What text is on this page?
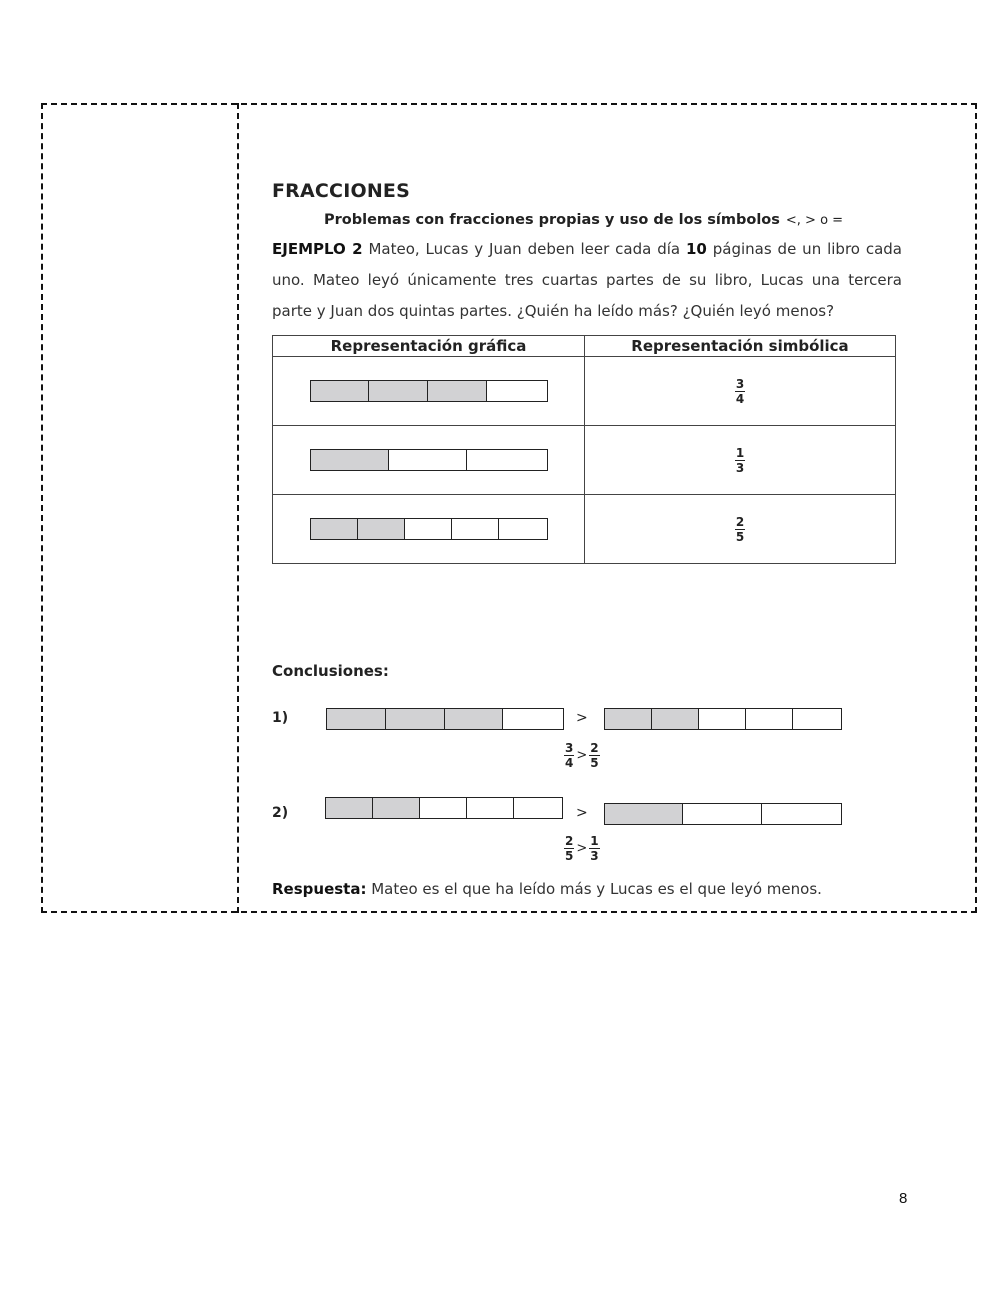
FRACCIONES
Problemas con fracciones propias y uso de los símbolos <, > o =

EJEMPLO 2 Mateo, Lucas y Juan deben leer cada día 10 páginas de un libro cada uno. Mateo leyó únicamente tres cuartas partes de su libro, Lucas una tercera parte y Juan dos quintas partes. ¿Quién ha leído más? ¿Quién leyó menos?

Representación gráfica	Representación simbólica

	$\frac{3}{4}$

	$\frac{1}{3}$

	$\frac{2}{5}$
Conclusiones:
1)	>
$\frac{3}{4} > \frac{2}{5}$
2)	>
$\frac{2}{5} > \frac{1}{3}$
Respuesta: Mateo es el que ha leído más y Lucas es el que leyó menos.
8
